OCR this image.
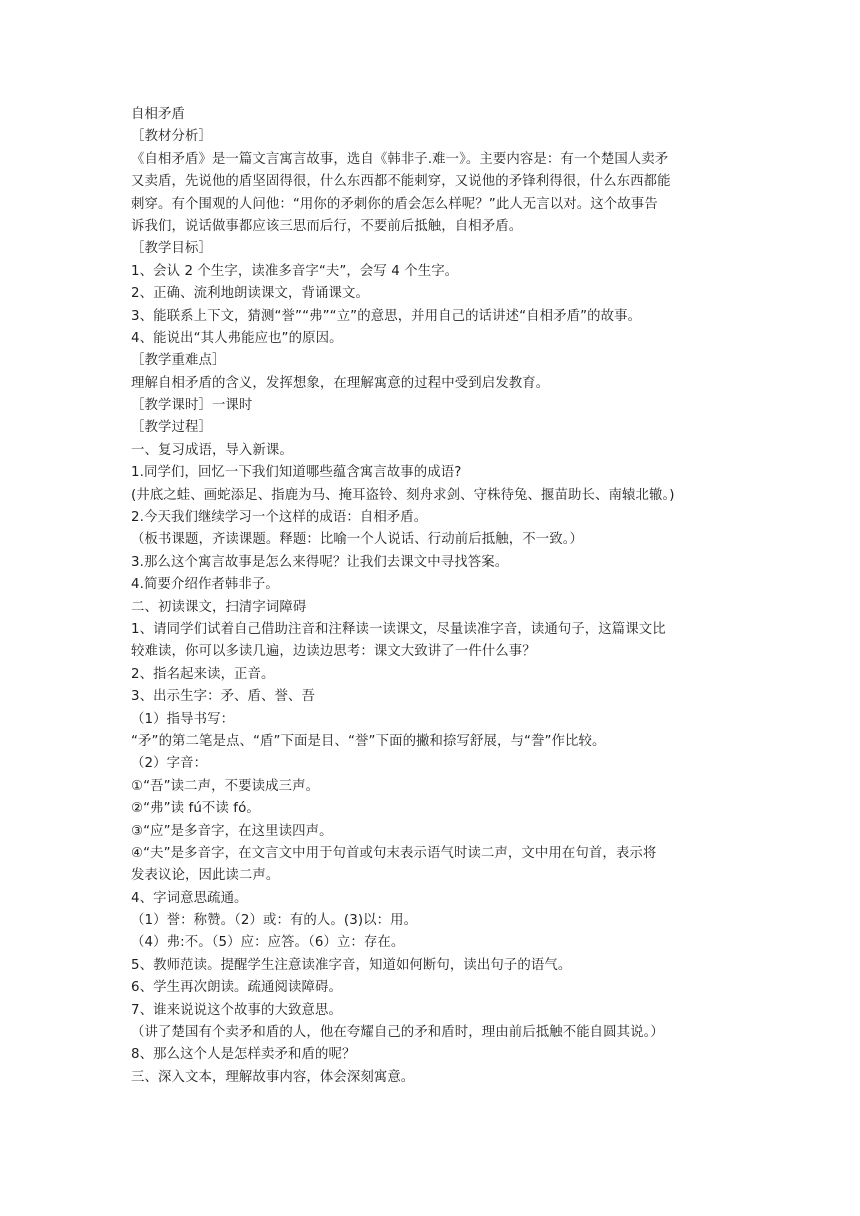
自相矛盾
［教材分析］
《自相矛盾》是一篇文言寓言故事，选自《韩非子.难一》。主要内容是：有一个楚国人卖矛
又卖盾，先说他的盾坚固得很，什么东西都不能刺穿，又说他的矛锋利得很，什么东西都能
刺穿。有个围观的人问他：“用你的矛刺你的盾会怎么样呢？”此人无言以对。这个故事告
诉我们，说话做事都应该三思而后行，不要前后抵触，自相矛盾。
［教学目标］
1、会认 2 个生字，读准多音字“夫”，会写 4 个生字。
2、正确、流利地朗读课文，背诵课文。
3、能联系上下文，猜测“誉”“弗”“立”的意思，并用自己的话讲述“自相矛盾”的故事。
4、能说出“其人弗能应也”的原因。
［教学重难点］
理解自相矛盾的含义，发挥想象，在理解寓意的过程中受到启发教育。
［教学课时］一课时
［教学过程］
一、复习成语，导入新课。
1.同学们，回忆一下我们知道哪些蕴含寓言故事的成语?
(井底之蛙、画蛇添足、指鹿为马、掩耳盗铃、刻舟求剑、守株待兔、揠苗助长、南辕北辙。)
2.今天我们继续学习一个这样的成语：自相矛盾。
（板书课题，齐读课题。释题：比喻一个人说话、行动前后抵触，不一致。）
3.那么这个寓言故事是怎么来得呢？让我们去课文中寻找答案。
4.简要介绍作者韩非子。
二、初读课文，扫清字词障碍
1、请同学们试着自己借助注音和注释读一读课文，尽量读准字音，读通句子，这篇课文比
较难读，你可以多读几遍，边读边思考：课文大致讲了一件什么事？
2、指名起来读，正音。
3、出示生字：矛、盾、誉、吾
（1）指导书写：
“矛”的第二笔是点、“盾”下面是目、“誉”下面的撇和捺写舒展，与“誊”作比较。
（2）字音：
①“吾”读二声，不要读成三声。
②“弗”读 fú不读 fó。
③“应”是多音字，在这里读四声。
④“夫”是多音字，在文言文中用于句首或句末表示语气时读二声，文中用在句首，表示将
发表议论，因此读二声。
4、字词意思疏通。
（1）誉：称赞。（2）或：有的人。(3)以：用。
（4）弗:不。（5）应：应答。（6）立：存在。
5、教师范读。提醒学生注意读准字音，知道如何断句，读出句子的语气。
6、学生再次朗读。疏通阅读障碍。
7、谁来说说这个故事的大致意思。
（讲了楚国有个卖矛和盾的人，他在夸耀自己的矛和盾时，理由前后抵触不能自圆其说。）
8、那么这个人是怎样卖矛和盾的呢？
三、深入文本，理解故事内容，体会深刻寓意。
